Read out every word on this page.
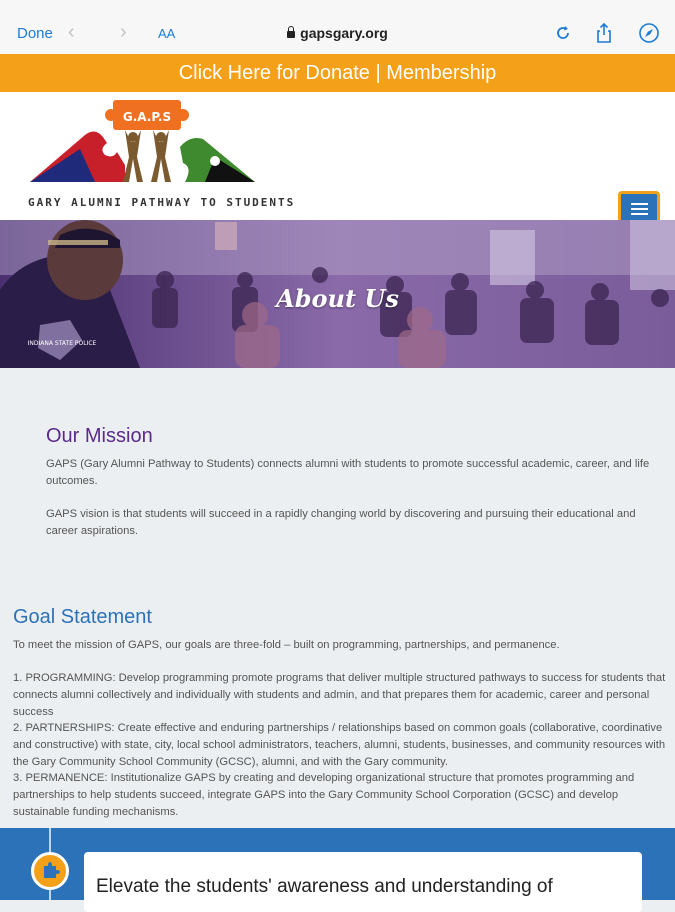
Done ‹	›	AA	gapsgary.org
Click Here for Donate | Membership
G.A.P.S
GARY ALUMNI PATHWAY TO STUDENTS
INDIANA STATE POLICE
About Us
Our Mission
GAPS (Gary Alumni Pathway to Students) connects alumni with students to promote successful academic, career, and life outcomes.
GAPS vision is that students will succeed in a rapidly changing world by discovering and pursuing their educational and career aspirations.
Goal Statement
To meet the mission of GAPS, our goals are three-fold – built on programming, partnerships, and permanence.
1. PROGRAMMING: Develop programming promote programs that deliver multiple structured pathways to success for students that connects alumni collectively and individually with students and admin, and that prepares them for academic, career and personal success
2. PARTNERSHIPS: Create effective and enduring partnerships / relationships based on common goals (collaborative, coordinative and constructive) with state, city, local school administrators, teachers, alumni, students, businesses, and community resources with the Gary Community School Community (GCSC), alumni, and with the Gary community.
3. PERMANENCE: Institutionalize GAPS by creating and developing organizational structure that promotes programming and partnerships to help students succeed, integrate GAPS into the Gary Community School Corporation (GCSC) and develop sustainable funding mechanisms.
Elevate the students' awareness and understanding of
